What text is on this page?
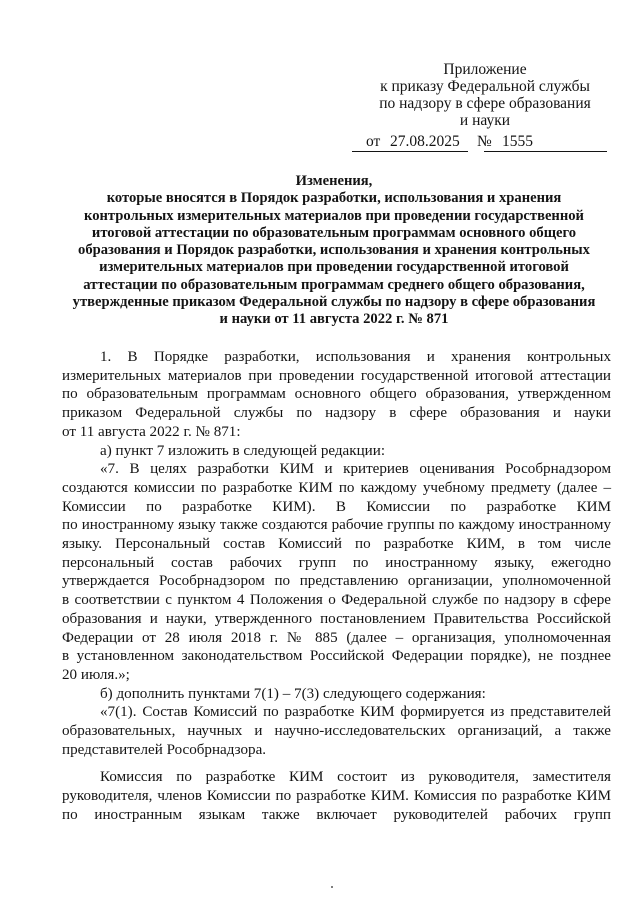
Приложение
к приказу Федеральной службы
по надзору в сфере образования
и науки
от 27.08.2025 № 1555
Изменения,
которые вносятся в Порядок разработки, использования и хранения
контрольных измерительных материалов при проведении государственной
итоговой аттестации по образовательным программам основного общего
образования и Порядок разработки, использования и хранения контрольных
измерительных материалов при проведении государственной итоговой
аттестации по образовательным программам среднего общего образования,
утвержденные приказом Федеральной службы по надзору в сфере образования
и науки от 11 августа 2022 г. № 871
1. В Порядке разработки, использования и хранения контрольных
измерительных материалов при проведении государственной итоговой аттестации
по образовательным программам основного общего образования, утвержденном
приказом Федеральной службы по надзору в сфере образования и науки
от 11 августа 2022 г. № 871:
а) пункт 7 изложить в следующей редакции:
«7. В целях разработки КИМ и критериев оценивания Рособрнадзором
создаются комиссии по разработке КИМ по каждому учебному предмету (далее –
Комиссии по разработке КИМ). В Комиссии по разработке КИМ
по иностранному языку также создаются рабочие группы по каждому иностранному
языку. Персональный состав Комиссий по разработке КИМ, в том числе
персональный состав рабочих групп по иностранному языку, ежегодно
утверждается Рособрнадзором по представлению организации, уполномоченной
в соответствии с пунктом 4 Положения о Федеральной службе по надзору в сфере
образования и науки, утвержденного постановлением Правительства Российской
Федерации от 28 июля 2018 г. № 885 (далее – организация, уполномоченная
в установленном законодательством Российской Федерации порядке), не позднее
20 июля.»;
б) дополнить пунктами 7(1) – 7(3) следующего содержания:
«7(1). Состав Комиссий по разработке КИМ формируется из представителей
образовательных, научных и научно-исследовательских организаций, а также
представителей Рособрнадзора.
Комиссия по разработке КИМ состоит из руководителя, заместителя
руководителя, членов Комиссии по разработке КИМ. Комиссия по разработке КИМ
по иностранным языкам также включает руководителей рабочих групп
